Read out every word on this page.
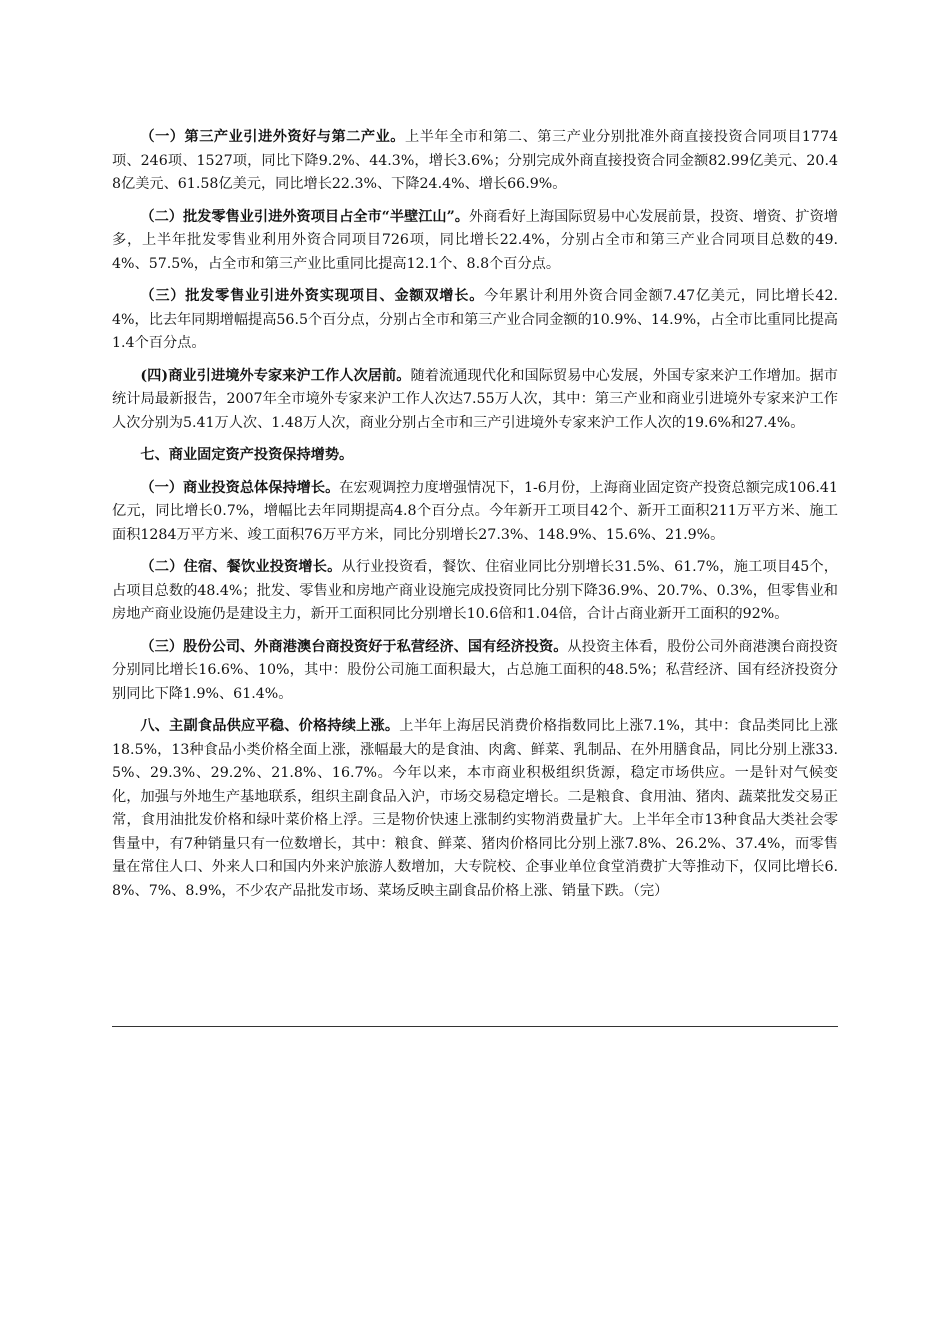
（一）第三产业引进外资好与第二产业。上半年全市和第二、第三产业分别批准外商直接投资合同项目1774项、246项、1527项，同比下降9.2%、44.3%，增长3.6%；分别完成外商直接投资合同金额82.99亿美元、20.48亿美元、61.58亿美元，同比增长22.3%、下降24.4%、增长66.9%。

（二）批发零售业引进外资项目占全市“半壁江山”。外商看好上海国际贸易中心发展前景，投资、增资、扩资增多，上半年批发零售业利用外资合同项目726项，同比增长22.4%，分别占全市和第三产业合同项目总数的49.4%、57.5%，占全市和第三产业比重同比提高12.1个、8.8个百分点。

（三）批发零售业引进外资实现项目、金额双增长。今年累计利用外资合同金额7.47亿美元，同比增长42.4%，比去年同期增幅提高56.5个百分点，分别占全市和第三产业合同金额的10.9%、14.9%，占全市比重同比提高1.4个百分点。

(四)商业引进境外专家来沪工作人次居前。随着流通现代化和国际贸易中心发展，外国专家来沪工作增加。据市统计局最新报告，2007年全市境外专家来沪工作人次达7.55万人次，其中：第三产业和商业引进境外专家来沪工作人次分别为5.41万人次、1.48万人次，商业分别占全市和三产引进境外专家来沪工作人次的19.6%和27.4%。

七、商业固定资产投资保持增势。

（一）商业投资总体保持增长。在宏观调控力度增强情况下，1-6月份，上海商业固定资产投资总额完成106.41亿元，同比增长0.7%，增幅比去年同期提高4.8个百分点。今年新开工项目42个、新开工面积211万平方米、施工面积1284万平方米、竣工面积76万平方米，同比分别增长27.3%、148.9%、15.6%、21.9%。

（二）住宿、餐饮业投资增长。从行业投资看，餐饮、住宿业同比分别增长31.5%、61.7%，施工项目45个，占项目总数的48.4%；批发、零售业和房地产商业设施完成投资同比分别下降36.9%、20.7%、0.3%，但零售业和房地产商业设施仍是建设主力，新开工面积同比分别增长10.6倍和1.04倍，合计占商业新开工面积的92%。

（三）股份公司、外商港澳台商投资好于私营经济、国有经济投资。从投资主体看，股份公司外商港澳台商投资分别同比增长16.6%、10%，其中：股份公司施工面积最大，占总施工面积的48.5%；私营经济、国有经济投资分别同比下降1.9%、61.4%。

八、主副食品供应平稳、价格持续上涨。上半年上海居民消费价格指数同比上涨7.1%，其中：食品类同比上涨18.5%，13种食品小类价格全面上涨，涨幅最大的是食油、肉禽、鲜菜、乳制品、在外用膳食品，同比分别上涨33.5%、29.3%、29.2%、21.8%、16.7%。今年以来，本市商业积极组织货源，稳定市场供应。一是针对气候变化，加强与外地生产基地联系，组织主副食品入沪，市场交易稳定增长。二是粮食、食用油、猪肉、蔬菜批发交易正常，食用油批发价格和绿叶菜价格上浮。三是物价快速上涨制约实物消费量扩大。上半年全市13种食品大类社会零售量中，有7种销量只有一位数增长，其中：粮食、鲜菜、猪肉价格同比分别上涨7.8%、26.2%、37.4%，而零售量在常住人口、外来人口和国内外来沪旅游人数增加，大专院校、企事业单位食堂消费扩大等推动下，仅同比增长6.8%、7%、8.9%，不少农产品批发市场、菜场反映主副食品价格上涨、销量下跌。（完）
